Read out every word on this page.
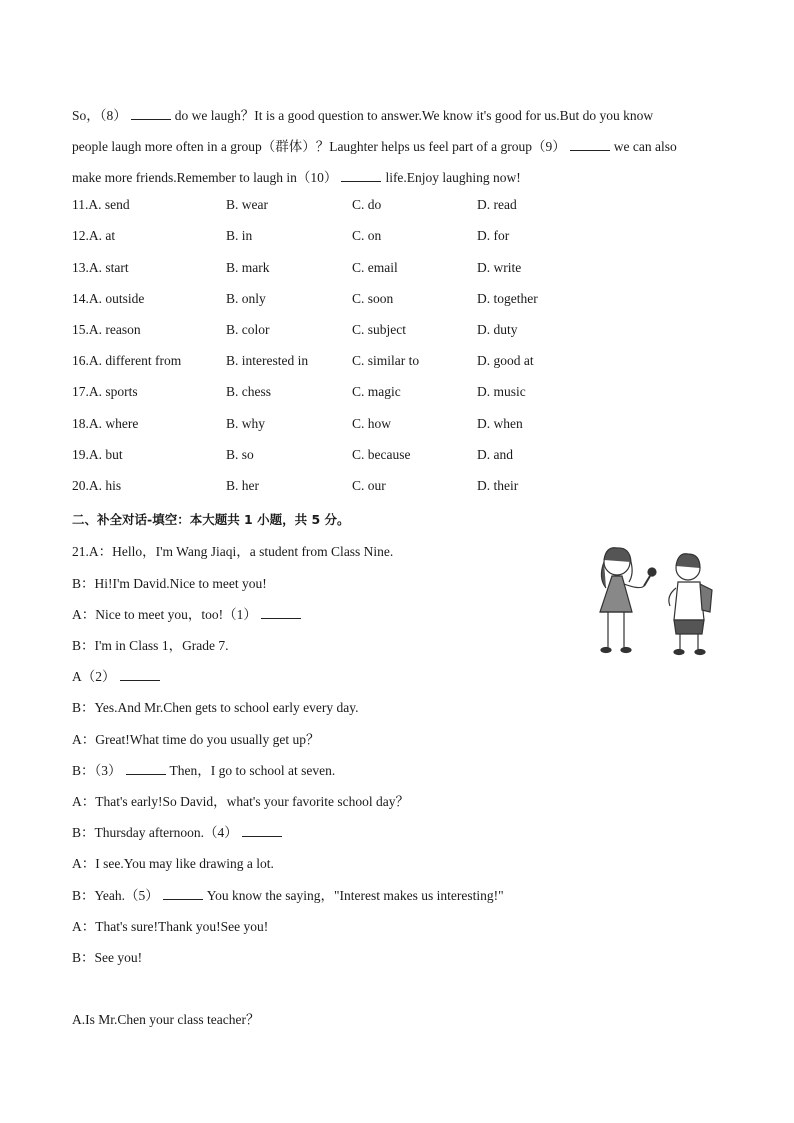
So，（8）	do we laugh？It is a good question to answer.We know it's good for us.But do you know
people laugh more often in a group（群体）？Laughter helps us feel part of a group（9）	we can also
make more friends.Remember to laugh in（10）	life.Enjoy laughing now!
11.A. send	B. wear	C. do	D. read
12.A. at	B. in	C. on	D. for
13.A. start	B. mark	C. email	D. write
14.A. outside	B. only	C. soon	D. together
15.A. reason	B. color	C. subject	D. duty
16.A. different from	B. interested in	C. similar to	D. good at
17.A. sports	B. chess	C. magic	D. music
18.A. where	B. why	C. how	D. when
19.A. but	B. so	C. because	D. and
20.A. his	B. her	C. our	D. their
二、补全对话-填空：本大题共 1 小题，共 5 分。
21.A：Hello，I'm Wang Jiaqi，a student from Class Nine.
B：Hi!I'm David.Nice to meet you!
A：Nice to meet you，too!（1）
B：I'm in Class 1，Grade 7.
A（2）
B：Yes.And Mr.Chen gets to school early every day.
A：Great!What time do you usually get up？
B：（3）	Then，I go to school at seven.
A：That's early!So David，what's your favorite school day？
B：Thursday afternoon.（4）
A：I see.You may like drawing a lot.
B：Yeah.（5）	You know the saying，"Interest makes us interesting!"
A：That's sure!Thank you!See you!
B：See you!
A.Is Mr.Chen your class teacher？
